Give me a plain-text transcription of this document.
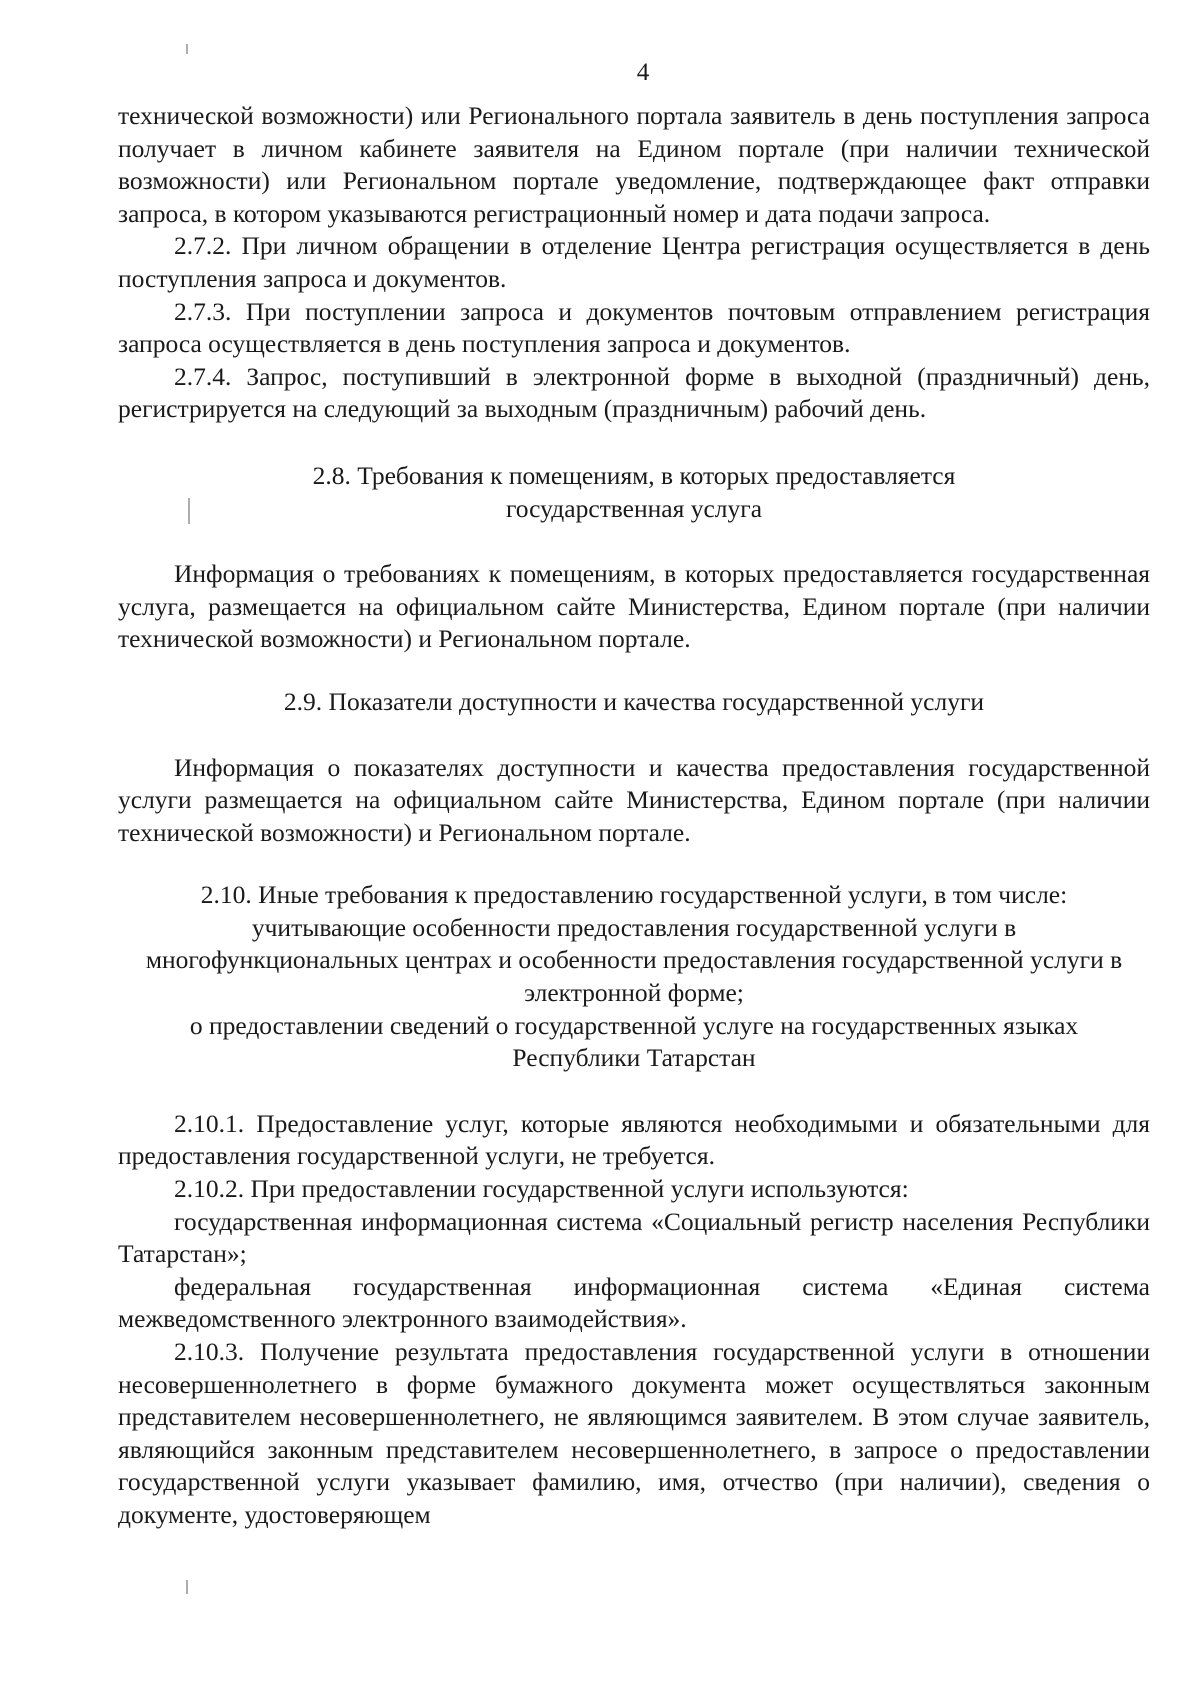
4

технической возможности) или Регионального портала заявитель в день поступления запроса получает в личном кабинете заявителя на Едином портале (при наличии технической возможности) или Региональном портале уведомление, подтверждающее факт отправки запроса, в котором указываются регистрационный номер и дата подачи запроса.

2.7.2. При личном обращении в отделение Центра регистрация осуществляется в день поступления запроса и документов.

2.7.3. При поступлении запроса и документов почтовым отправлением регистрация запроса осуществляется в день поступления запроса и документов.

2.7.4. Запрос, поступивший в электронной форме в выходной (праздничный) день, регистрируется на следующий за выходным (праздничным) рабочий день.

2.8. Требования к помещениям, в которых предоставляется государственная услуга

Информация о требованиях к помещениям, в которых предоставляется государственная услуга, размещается на официальном сайте Министерства, Едином портале (при наличии технической возможности) и Региональном портале.

2.9. Показатели доступности и качества государственной услуги

Информация о показателях доступности и качества предоставления государственной услуги размещается на официальном сайте Министерства, Едином портале (при наличии технической возможности) и Региональном портале.

2.10. Иные требования к предоставлению государственной услуги, в том числе: учитывающие особенности предоставления государственной услуги в многофункциональных центрах и особенности предоставления государственной услуги в электронной форме;
о предоставлении сведений о государственной услуге на государственных языках Республики Татарстан

2.10.1. Предоставление услуг, которые являются необходимыми и обязательными для предоставления государственной услуги, не требуется.

2.10.2. При предоставлении государственной услуги используются:

государственная информационная система «Социальный регистр населения Республики Татарстан»;

федеральная государственная информационная система «Единая система межведомственного электронного взаимодействия».

2.10.3. Получение результата предоставления государственной услуги в отношении несовершеннолетнего в форме бумажного документа может осуществляться законным представителем несовершеннолетнего, не являющимся заявителем. В этом случае заявитель, являющийся законным представителем несовершеннолетнего, в запросе о предоставлении государственной услуги указывает фамилию, имя, отчество (при наличии), сведения о документе, удостоверяющем
